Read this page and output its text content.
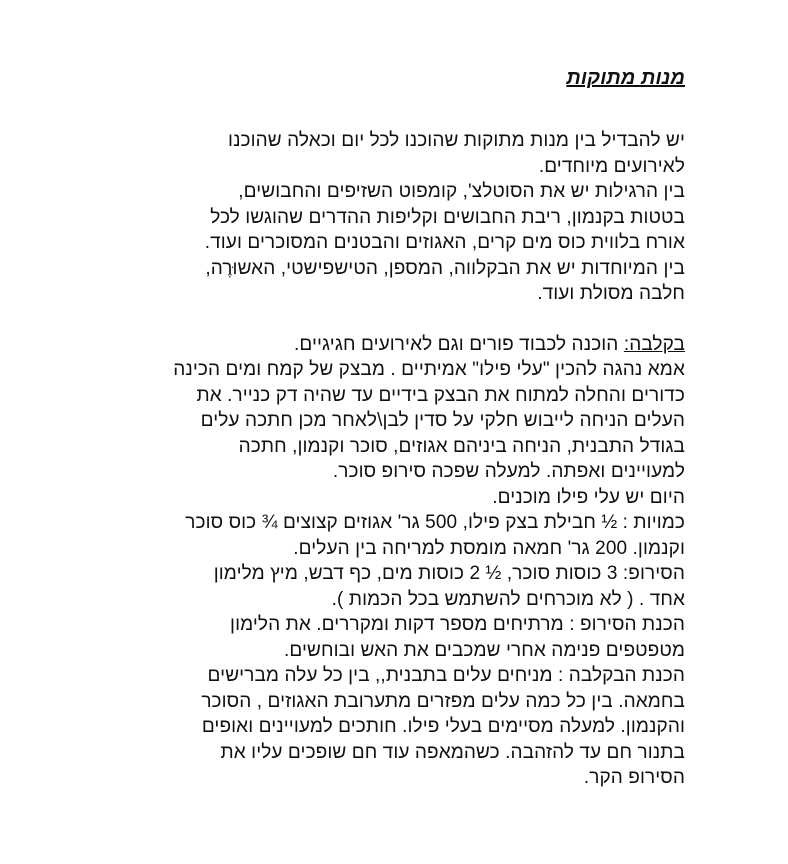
מנות מתוקות
יש להבדיל בין מנות מתוקות שהוכנו לכל יום וכאלה שהוכנו
לאירועים מיוחדים.
בין הרגילות יש את הסוטלצ', קומפוט השזיפים והחבושים,
בטטות בקנמון, ריבת החבושים וקליפות ההדרים שהוגשו לכל
אורח בלווית כוס מים קרים, האגוזים והבטנים המסוכרים ועוד.
בין המיוחדות יש את הבקלווה, המספן, הטישפישטי, האשוּרֶה,
חלבה מסולת ועוד.
בקלבה: הוכנה לכבוד פורים וגם לאירועים חגיגיים.
אמא נהגה להכין "עלי פילו" אמיתיים . מבצק של קמח ומים הכינה
כדורים והחלה למתוח את הבצק בידיים עד שהיה דק כנייר. את
העלים הניחה לייבוש חלקי על סדין לבן\לאחר מכן חתכה עלים
בגודל התבנית, הניחה ביניהם אגוזים, סוכר וקנמון, חתכה
למעויינים ואפתה. למעלה שפכה סירופ סוכר.
היום יש עלי פילו מוכנים.
כמויות : ½ חבילת בצק פילו, 500 גר' אגוזים קצוצים ¾ כוס סוכר
וקנמון. 200 גר' חמאה מומסת למריחה בין העלים.
הסירופ: 3 כוסות סוכר, ½ 2 כוסות מים, כף דבש, מיץ מלימון
אחד . ( לא מוכרחים להשתמש בכל הכמות ).
הכנת הסירופ : מרתיחים מספר דקות ומקררים. את הלימון
מטפטפים פנימה אחרי שמכבים את האש ובוחשים.
הכנת הבקלבה : מניחים עלים בתבנית,, בין כל עלה מברישים
בחמאה. בין כל כמה עלים מפזרים מתערובת האגוזים , הסוכר
והקנמון. למעלה מסיימים בעלי פילו. חותכים למעויינים ואופים
בתנור חם עד להזהבה. כשהמאפה עוד חם שופכים עליו את
הסירופ הקר.
